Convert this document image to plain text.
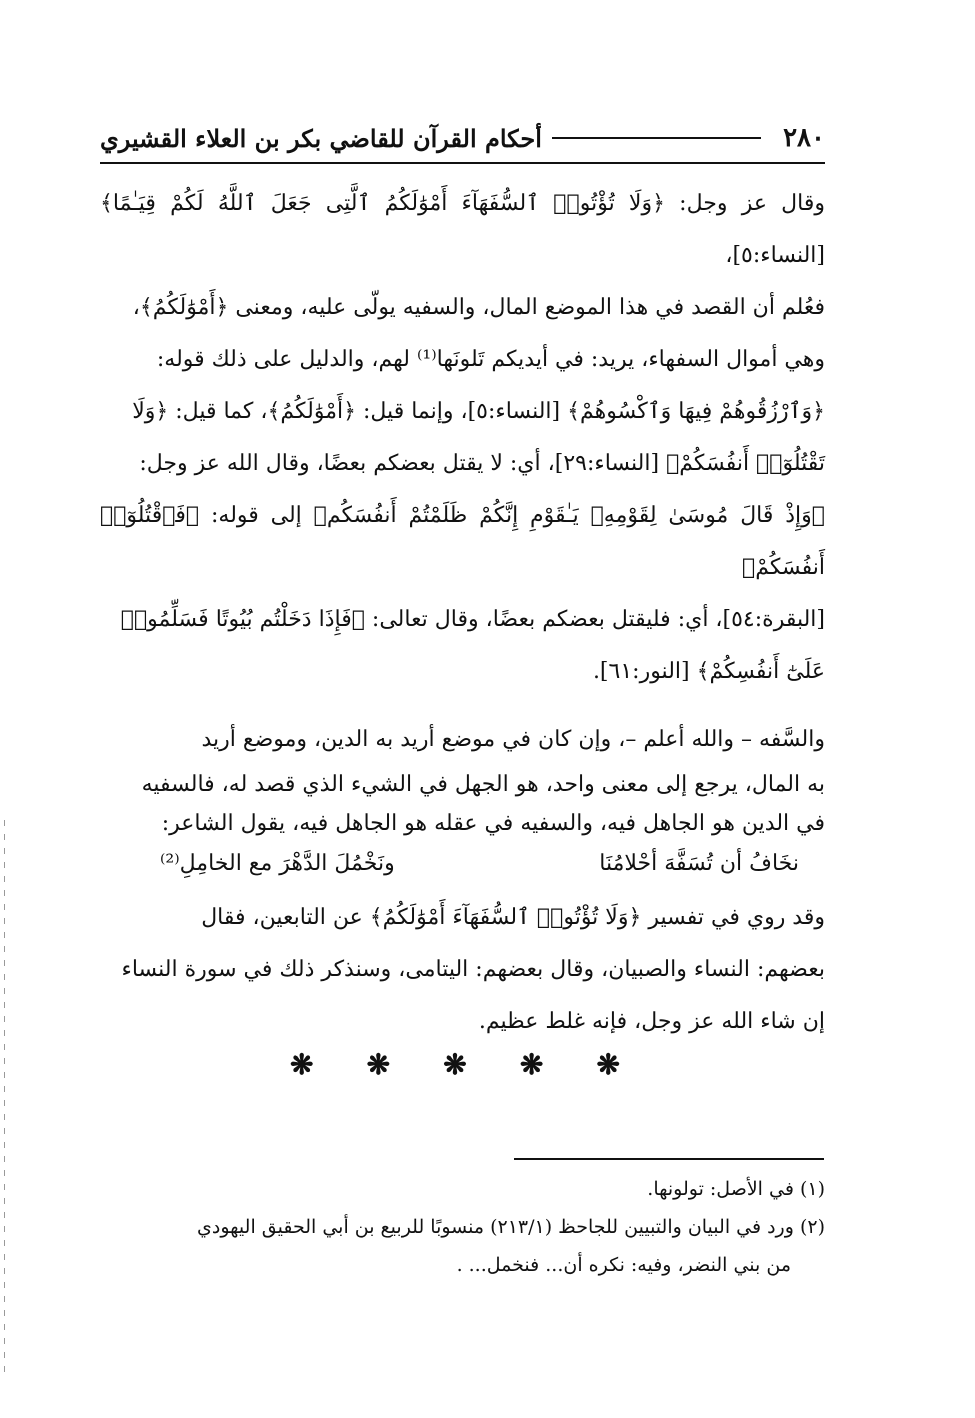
٢٨٠
أحكام القرآن للقاضي بكر بن العلاء القشيري

وقال عز وجل: ﴿وَلَا تُؤْتُوا۟ ٱلسُّفَهَآءَ أَمْوَٰلَكُمُ ٱلَّتِى جَعَلَ ٱللَّهُ لَكُمْ قِيَـٰمًا﴾ [النساء:٥]،

فعُلم أن القصد في هذا الموضع المال، والسفيه يولّى عليه، ومعنى ﴿أَمْوَٰلَكُمُ﴾،

وهي أموال السفهاء، يريد: في أيديكم تَلونَها⁽¹⁾ لهم، والدليل على ذلك قوله:

﴿وَٱرْزُقُوهُمْ فِيهَا وَٱكْسُوهُمْ﴾ [النساء:٥]، وإنما قيل: ﴿أَمْوَٰلَكُمُ﴾، كما قيل: ﴿وَلَا

تَقْتُلُوٓا۟ أَنفُسَكُمْ﴾ [النساء:٢٩]، أي: لا يقتل بعضكم بعضًا، وقال الله عز وجل:

﴿وَإِذْ قَالَ مُوسَىٰ لِقَوْمِهِۦ يَـٰقَوْمِ إِنَّكُمْ ظَلَمْتُمْ أَنفُسَكُم﴾ إلى قوله: ﴿فَٱقْتُلُوٓا۟ أَنفُسَكُمْ﴾

[البقرة:٥٤]، أي: فليقتل بعضكم بعضًا، وقال تعالى: ﴿فَإِذَا دَخَلْتُم بُيُوتًا فَسَلِّمُوا۟

عَلَىٰٓ أَنفُسِكُمْ﴾ [النور:٦١].

والسَّفه – والله أعلم –، وإن كان في موضع أريد به الدين، وموضع أريد

به المال، يرجع إلى معنى واحد، هو الجهل في الشيء الذي قصد له، فالسفيه

في الدين هو الجاهل فيه، والسفيه في عقله هو الجاهل فيه، يقول الشاعر:

نخَافُ أن تُسَفَّهَ أحْلامُنَا
ونَخْمُلَ الدَّهْرَ مع الخامِلِ⁽²⁾

وقد روي في تفسير ﴿وَلَا تُؤْتُوا۟ ٱلسُّفَهَآءَ أَمْوَٰلَكُمُ﴾ عن التابعين، فقال

بعضهم: النساء والصبيان، وقال بعضهم: اليتامى، وسنذكر ذلك في سورة النساء

إن شاء الله عز وجل، فإنه غلط عظيم.

❋ ❋ ❋ ❋ ❋

(١) في الأصل: تولونها.

(٢) ورد في البيان والتبيين للجاحظ (٢١٣/١) منسوبًا للربيع بن أبي الحقيق اليهودي

من بني النضر، وفيه: نكره أن... فنخمل... .
